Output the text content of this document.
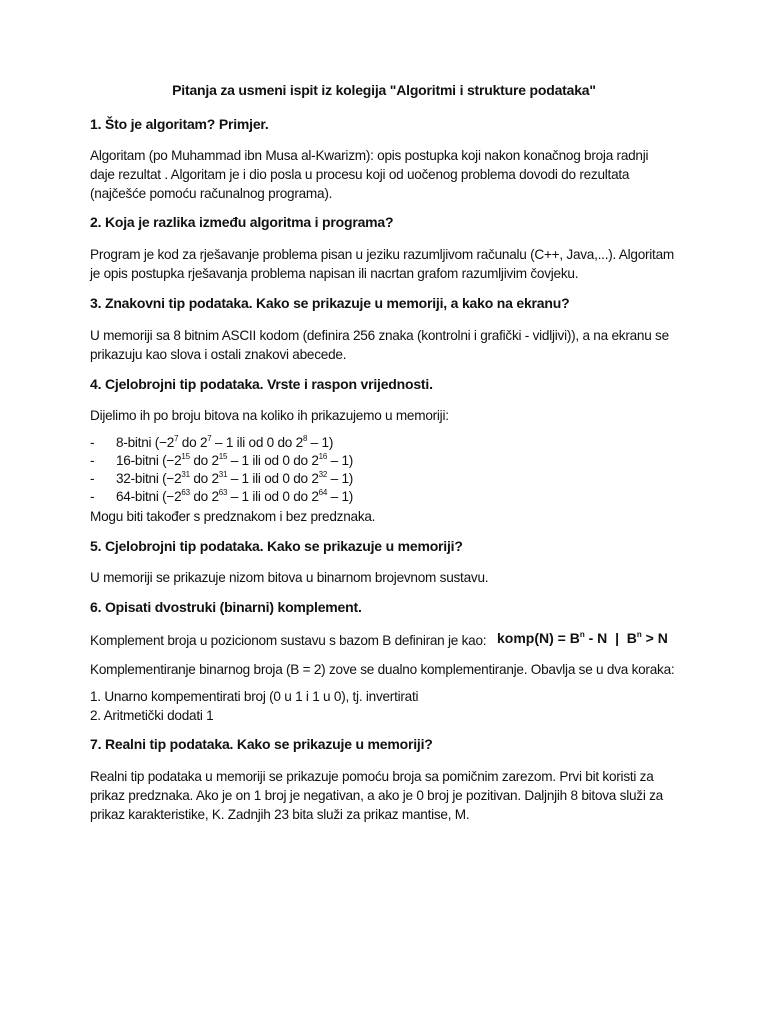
Pitanja za usmeni ispit iz kolegija "Algoritmi i strukture podataka"
1. Što je algoritam? Primjer.
Algoritam (po Muhammad ibn Musa al-Kwarizm): opis postupka koji nakon konačnog broja radnji
daje rezultat . Algoritam je i dio posla u procesu koji od uočenog problema dovodi do rezultata
(najčešće pomoću računalnog programa).
2. Koja je razlika između algoritma i programa?
Program je kod za rješavanje problema pisan u jeziku razumljivom računalu (C++, Java,...). Algoritam
je opis postupka rješavanja problema napisan ili nacrtan grafom razumljivim čovjeku.
3. Znakovni tip podataka. Kako se prikazuje u memoriji, a kako na ekranu?
U memoriji sa 8 bitnim ASCII kodom (definira 256 znaka (kontrolni i grafički - vidljivi)), a na ekranu se
prikazuju kao slova i ostali znakovi abecede.
4. Cjelobrojni tip podataka. Vrste i raspon vrijednosti.
Dijelimo ih po broju bitova na koliko ih prikazujemo u memoriji:
- 8-bitni ($-2^7$ do $2^7 - 1$ ili od 0 do $2^8 - 1$)
- 16-bitni ($-2^{15}$ do $2^{15} - 1$ ili od 0 do $2^{16} - 1$)
- 32-bitni ($-2^{31}$ do $2^{31} - 1$ ili od 0 do $2^{32} - 1$)
- 64-bitni ($-2^{63}$ do $2^{63} - 1$ ili od 0 do $2^{64} - 1$)
Mogu biti također s predznakom i bez predznaka.
5. Cjelobrojni tip podataka. Kako se prikazuje u memoriji?
U memoriji se prikazuje nizom bitova u binarnom brojevnom sustavu.
6. Opisati dvostruki (binarni) komplement.
Komplement broja u pozicionom sustavu s bazom B definiran je kao: komp(N) = $B^n$ - N  |  $B^n > N$
Komplementiranje binarnog broja (B = 2) zove se dualno komplementiranje. Obavlja se u dva koraka:
1. Unarno kompementirati broj (0 u 1 i 1 u 0), tj. invertirati
2. Aritmetički dodati 1
7. Realni tip podataka. Kako se prikazuje u memoriji?
Realni tip podataka u memoriji se prikazuje pomoću broja sa pomičnim zarezom. Prvi bit koristi za
prikaz predznaka. Ako je on 1 broj je negativan, a ako je 0 broj je pozitivan. Daljnjih 8 bitova služi za
prikaz karakteristike, K. Zadnjih 23 bita služi za prikaz mantise, M.
